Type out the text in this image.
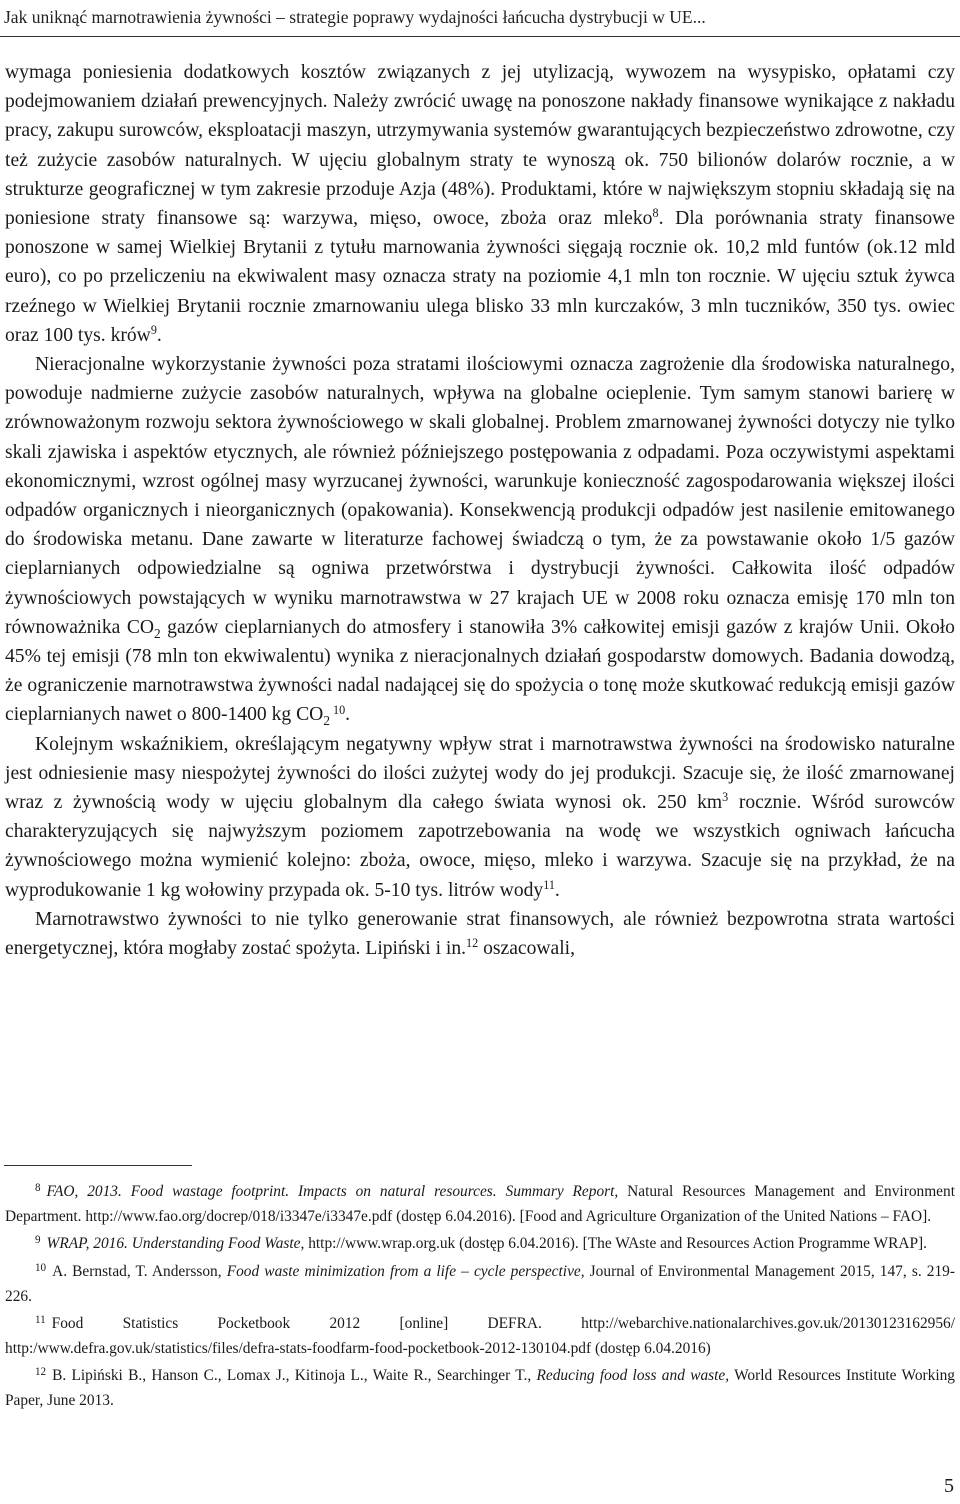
Jak uniknąć marnotrawienia żywności – strategie poprawy wydajności łańcucha dystrybucji w UE...

wymaga poniesienia dodatkowych kosztów związanych z jej utylizacją, wywozem na wysypisko, opłatami czy podejmowaniem działań prewencyjnych. Należy zwrócić uwagę na ponoszone nakłady finansowe wynikające z nakładu pracy, zakupu surowców, eksploatacji maszyn, utrzymywania systemów gwarantujących bezpieczeństwo zdrowotne, czy też zużycie zasobów naturalnych. W ujęciu globalnym straty te wynoszą ok. 750 bilionów dolarów rocznie, a w strukturze geograficznej w tym zakresie przoduje Azja (48%). Produktami, które w największym stopniu składają się na poniesione straty finansowe są: warzywa, mięso, owoce, zboża oraz mleko$^8$. Dla porównania straty finansowe ponoszone w samej Wielkiej Brytanii z tytułu marnowania żywności sięgają rocznie ok. 10,2 mld funtów (ok.12 mld euro), co po przeliczeniu na ekwiwalent masy oznacza straty na poziomie 4,1 mln ton rocznie. W ujęciu sztuk żywca rzeźnego w Wielkiej Brytanii rocznie zmarnowaniu ulega blisko 33 mln kurczaków, 3 mln tuczników, 350 tys. owiec oraz 100 tys. krów$^9$.

Nieracjonalne wykorzystanie żywności poza stratami ilościowymi oznacza zagrożenie dla środowiska naturalnego, powoduje nadmierne zużycie zasobów naturalnych, wpływa na globalne ocieplenie. Tym samym stanowi barierę w zrównoważonym rozwoju sektora żywnościowego w skali globalnej. Problem zmarnowanej żywności dotyczy nie tylko skali zjawiska i aspektów etycznych, ale również późniejszego postępowania z odpadami. Poza oczywistymi aspektami ekonomicznymi, wzrost ogólnej masy wyrzucanej żywności, warunkuje konieczność zagospodarowania większej ilości odpadów organicznych i nieorganicznych (opakowania). Konsekwencją produkcji odpadów jest nasilenie emitowanego do środowiska metanu. Dane zawarte w literaturze fachowej świadczą o tym, że za powstawanie około 1/5 gazów cieplarnianych odpowiedzialne są ogniwa przetwórstwa i dystrybucji żywności. Całkowita ilość odpadów żywnościowych powstających w wyniku marnotrawstwa w 27 krajach UE w 2008 roku oznacza emisję 170 mln ton równoważnika $CO_2$ gazów cieplarnianych do atmosfery i stanowiła 3% całkowitej emisji gazów z krajów Unii. Około 45% tej emisji (78 mln ton ekwiwalentu) wynika z nieracjonalnych działań gospodarstw domowych. Badania dowodzą, że ograniczenie marnotrawstwa żywności nadal nadającej się do spożycia o tonę może skutkować redukcją emisji gazów cieplarnianych nawet o 800-1400 kg $CO_2$ $^{10}$.

Kolejnym wskaźnikiem, określającym negatywny wpływ strat i marnotrawstwa żywności na środowisko naturalne jest odniesienie masy niespożytej żywności do ilości zużytej wody do jej produkcji. Szacuje się, że ilość zmarnowanej wraz z żywnością wody w ujęciu globalnym dla całego świata wynosi ok. 250 $km^3$ rocznie. Wśród surowców charakteryzujących się najwyższym poziomem zapotrzebowania na wodę we wszystkich ogniwach łańcucha żywnościowego można wymienić kolejno: zboża, owoce, mięso, mleko i warzywa. Szacuje się na przykład, że na wyprodukowanie 1 kg wołowiny przypada ok. 5-10 tys. litrów wody$^{11}$.

Marnotrawstwo żywności to nie tylko generowanie strat finansowych, ale również bezpowrotna strata wartości energetycznej, która mogłaby zostać spożyta. Lipiński i in.$^{12}$ oszacowali,

$^8$ FAO, 2013. Food wastage footprint. Impacts on natural resources. Summary Report, Natural Resources Management and Environment Department. http://www.fao.org/docrep/018/i3347e/i3347e.pdf (dostęp 6.04.2016). [Food and Agriculture Organization of the United Nations – FAO].

$^9$ WRAP, 2016. Understanding Food Waste, http://www.wrap.org.uk (dostęp 6.04.2016). [The WAste and Resources Action Programme WRAP].

$^{10}$ A. Bernstad, T. Andersson, Food waste minimization from a life – cycle perspective, Journal of Environmental Management 2015, 147, s. 219-226.

$^{11}$ Food Statistics Pocketbook 2012 [online] DEFRA. http://webarchive.nationalarchives.gov.uk/20130123162956/ http:/www.defra.gov.uk/statistics/files/defra-stats-foodfarm-food-pocketbook-2012-130104.pdf (dostęp 6.04.2016)

$^{12}$ B. Lipiński B., Hanson C., Lomax J., Kitinoja L., Waite R., Searchinger T., Reducing food loss and waste, World Resources Institute Working Paper, June 2013.

5
